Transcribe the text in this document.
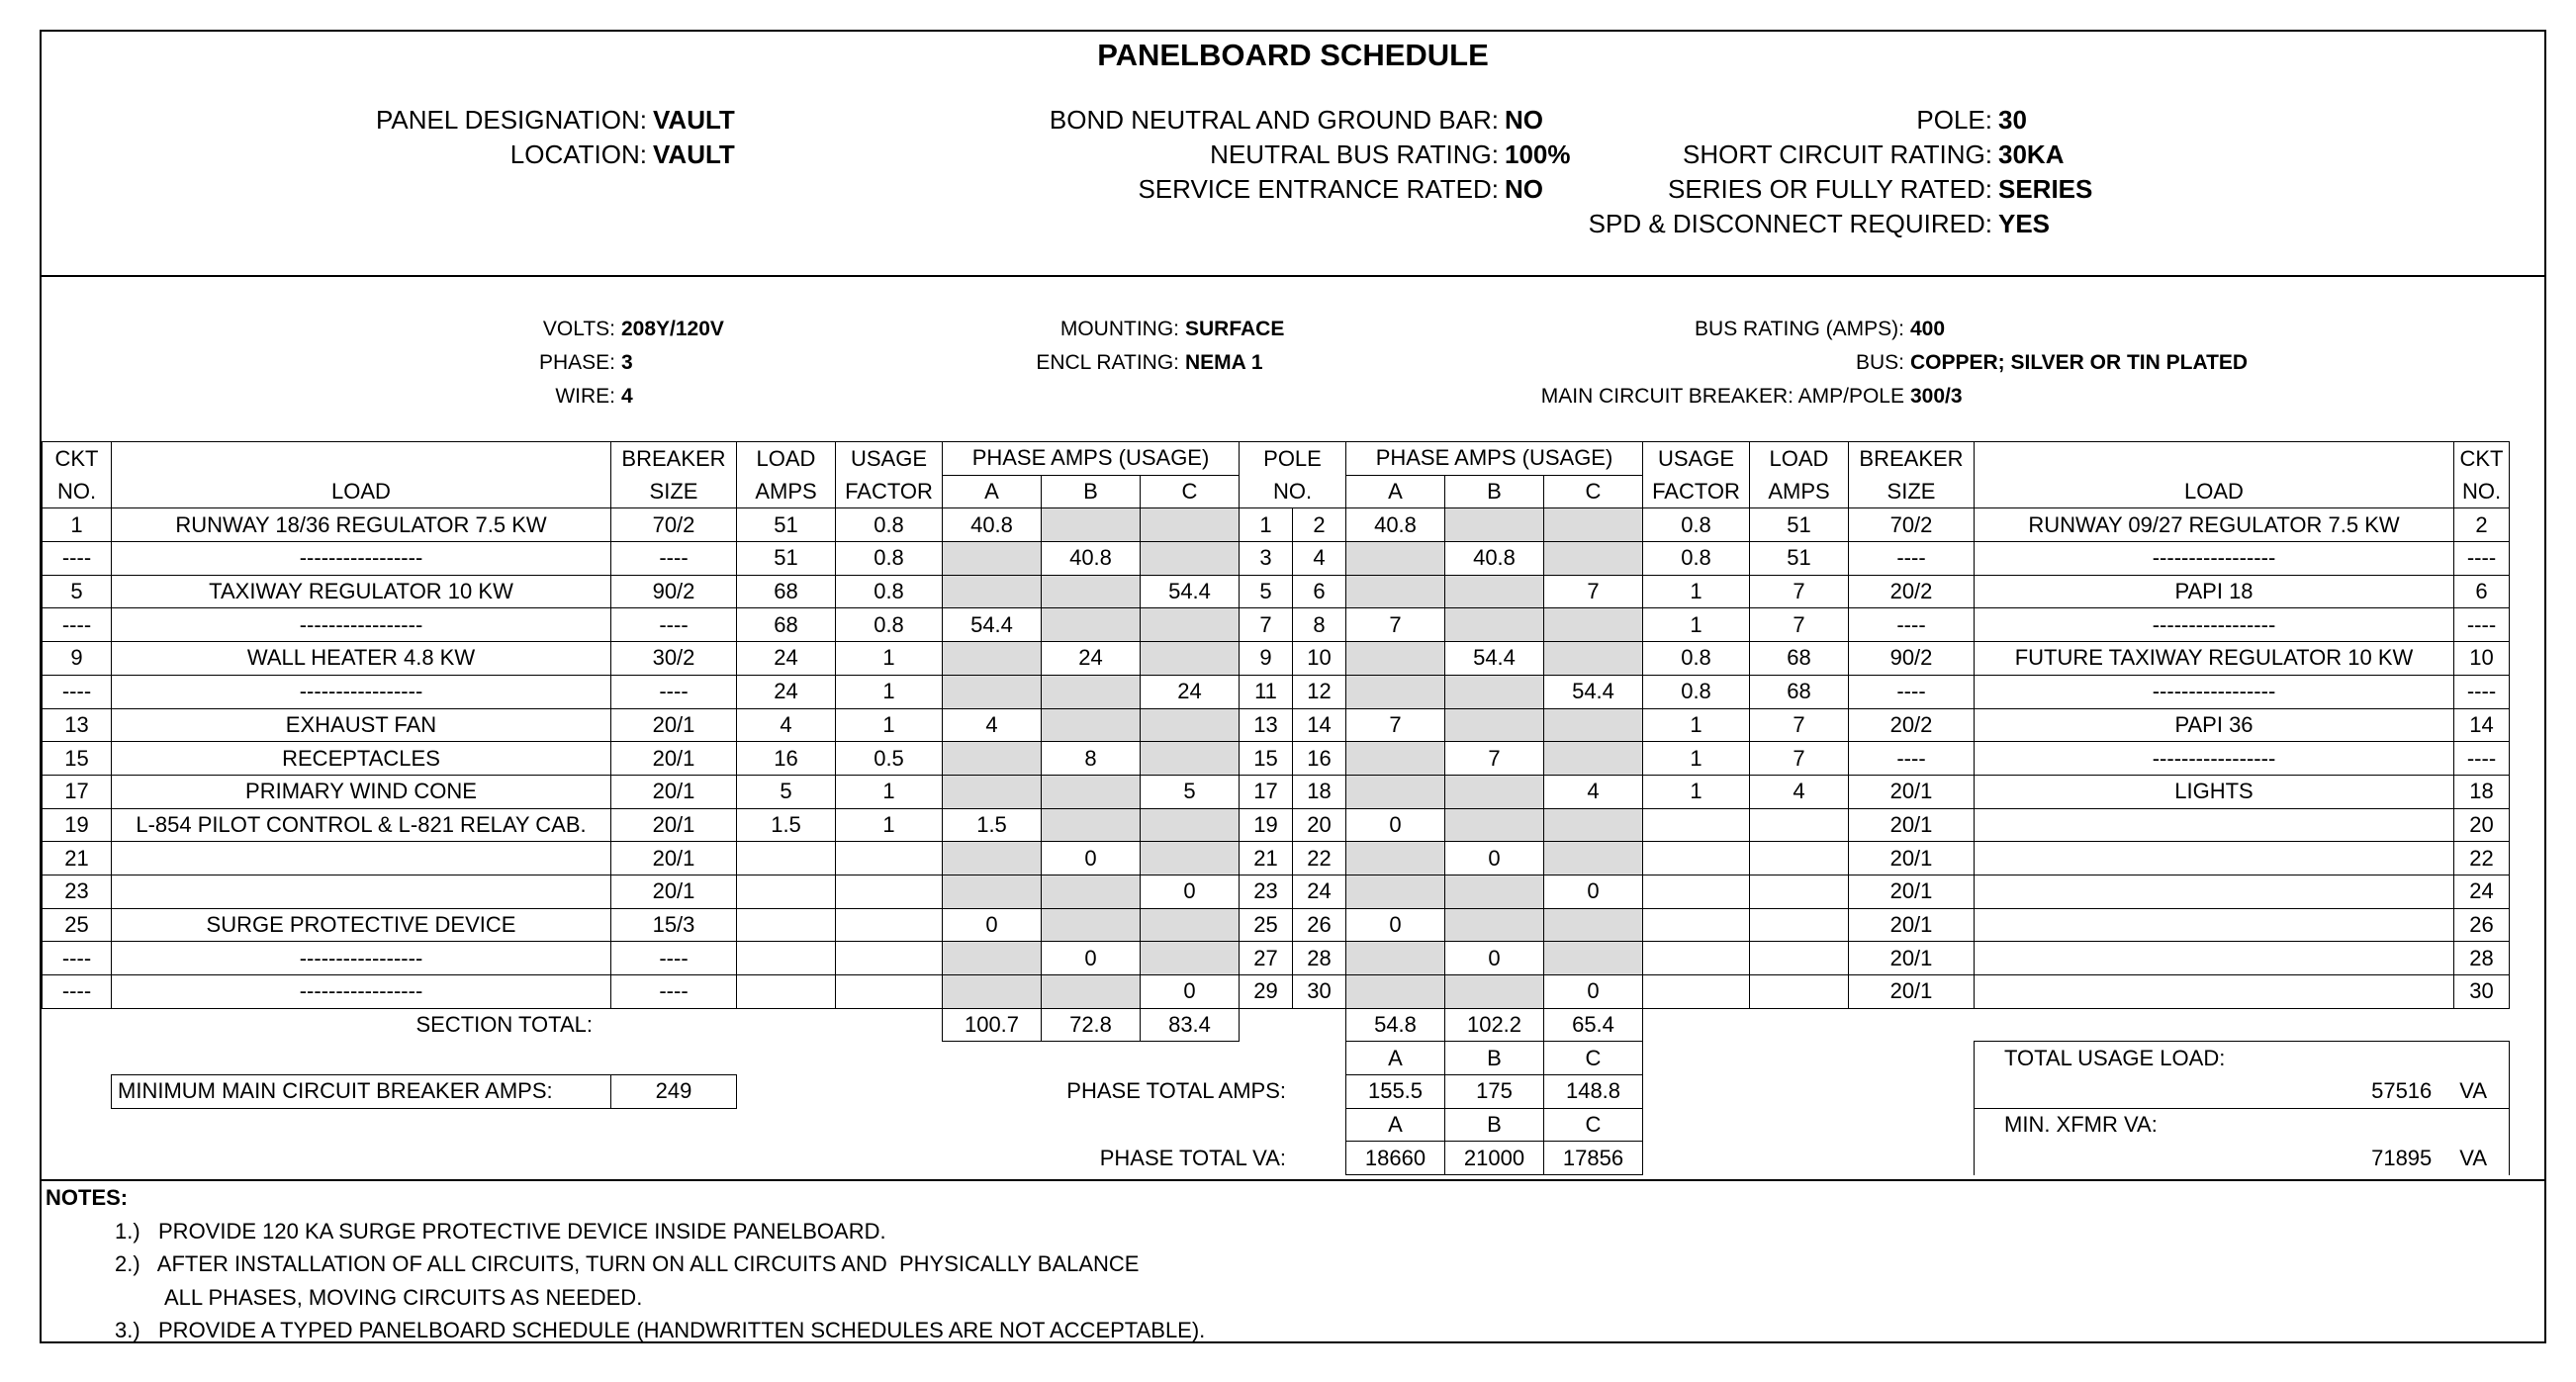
PANELBOARD SCHEDULE
PANEL DESIGNATION: VAULT
LOCATION: VAULT
BOND NEUTRAL AND GROUND BAR: NO
NEUTRAL BUS RATING: 100%
SERVICE ENTRANCE RATED: NO
POLE: 30
SHORT CIRCUIT RATING: 30KA
SERIES OR FULLY RATED: SERIES
SPD & DISCONNECT REQUIRED: YES
VOLTS: 208Y/120V
PHASE: 3
WIRE: 4
MOUNTING: SURFACE
ENCL RATING: NEMA 1
BUS RATING (AMPS): 400
BUS: COPPER; SILVER OR TIN PLATED
MAIN CIRCUIT BREAKER: AMP/POLE 300/3
CKT		BREAKER	LOAD	USAGE	PHASE AMPS (USAGE)			POLE		PHASE AMPS (USAGE)			USAGE	LOAD	BREAKER		CKT
NO.	LOAD	SIZE	AMPS	FACTOR	A	B	C	NO.		A	B	C	FACTOR	AMPS	SIZE	LOAD	NO.
1	RUNWAY 18/36 REGULATOR 7.5 KW	70/2	51	0.8	40.8			1	2	40.8			0.8	51	70/2	RUNWAY 09/27 REGULATOR 7.5 KW	2
----	-----------------	----	51	0.8		40.8		3	4		40.8		0.8	51	----	-----------------	----
5	TAXIWAY REGULATOR 10 KW	90/2	68	0.8			54.4	5	6			7	1	7	20/2	PAPI 18	6
----	-----------------	----	68	0.8	54.4			7	8	7			1	7	----	-----------------	----
9	WALL HEATER 4.8 KW	30/2	24	1		24		9	10		54.4		0.8	68	90/2	FUTURE TAXIWAY REGULATOR 10 KW	10
----	-----------------	----	24	1			24	11	12			54.4	0.8	68	----	-----------------	----
13	EXHAUST FAN	20/1	4	1	4			13	14	7			1	7	20/2	PAPI 36	14
15	RECEPTACLES	20/1	16	0.5		8		15	16		7		1	7	----	-----------------	----
17	PRIMARY WIND CONE	20/1	5	1			5	17	18			4	1	4	20/1	LIGHTS	18
19	L-854 PILOT CONTROL & L-821 RELAY CAB.	20/1	1.5	1	1.5			19	20	0					20/1		20
21		20/1				0		21	22		0				20/1		22
23		20/1					0	23	24			0			20/1		24
25	SURGE PROTECTIVE DEVICE	15/3			0			25	26	0					20/1		26
----	-----------------	----				0		27	28		0				20/1		28
----	-----------------	----					0	29	30			0			20/1		30
SECTION TOTAL:					100.7	72.8	83.4			54.8	102.2	65.4					
										A	B	C				TOTAL USAGE LOAD:	
	MINIMUM MAIN CIRCUIT BREAKER AMPS:	249	PHASE TOTAL AMPS:							155.5	175	148.8				57516 VA	
										A	B	C				MIN. XFMR VA:	
PHASE TOTAL VA:										18660	21000	17856				71895 VA	
NOTES:
1.)   PROVIDE 120 KA SURGE PROTECTIVE DEVICE INSIDE PANELBOARD.
2.)   AFTER INSTALLATION OF ALL CIRCUITS, TURN ON ALL CIRCUITS AND  PHYSICALLY BALANCE
ALL PHASES, MOVING CIRCUITS AS NEEDED.
3.)   PROVIDE A TYPED PANELBOARD SCHEDULE (HANDWRITTEN SCHEDULES ARE NOT ACCEPTABLE).
